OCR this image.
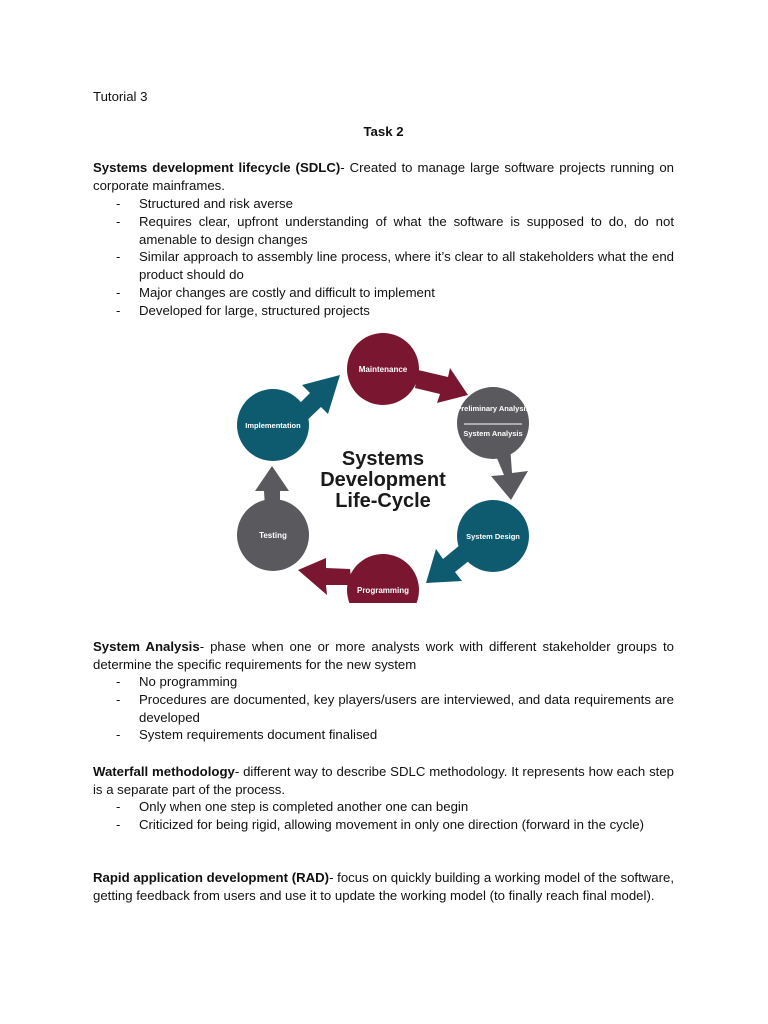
Tutorial 3
Task 2
Systems development lifecycle (SDLC)- Created to manage large software projects running on corporate mainframes.
- Structured and risk averse
- Requires clear, upfront understanding of what the software is supposed to do, do not amenable to design changes
- Similar approach to assembly line process, where it’s clear to all stakeholders what the end product should do
- Major changes are costly and difficult to implement
- Developed for large, structured projects
Maintenance
Preliminary Analysis
System Analysis
System Design
Programming
Testing
Implementation
Systems
Development
Life-Cycle
System Analysis- phase when one or more analysts work with different stakeholder groups to determine the specific requirements for the new system
- No programming
- Procedures are documented, key players/users are interviewed, and data requirements are developed
- System requirements document finalised
Waterfall methodology- different way to describe SDLC methodology. It represents how each step is a separate part of the process.
- Only when one step is completed another one can begin
- Criticized for being rigid, allowing movement in only one direction (forward in the cycle)
Rapid application development (RAD)- focus on quickly building a working model of the software, getting feedback from users and use it to update the working model (to finally reach final model).
